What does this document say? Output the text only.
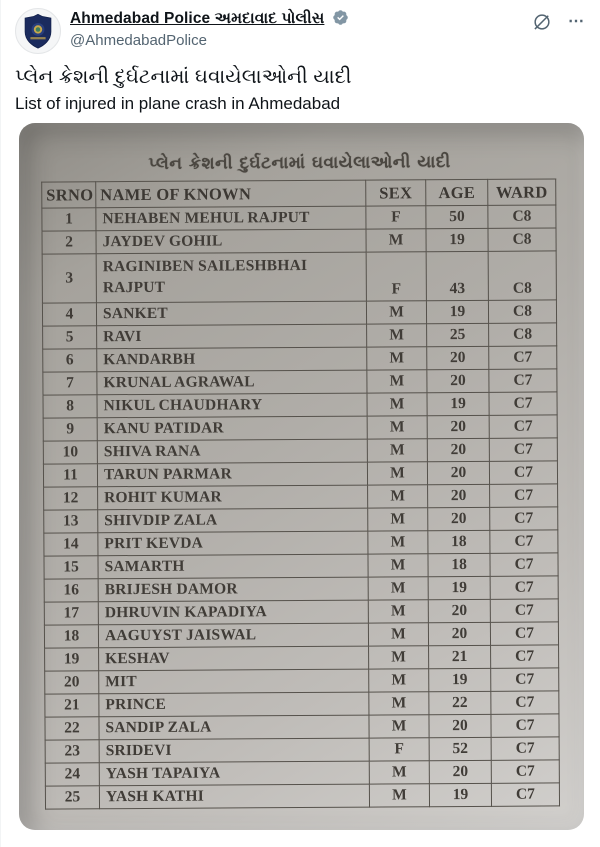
Ahmedabad Police અમદાવાદ પોલીસ
@AhmedabadPolice
⋯
પ્લેન ક્રેશની દુર્ઘટનામાં ઘવાયેલાઓની યાદી
List of injured in plane crash in Ahmedabad
પ્લેન ક્રેશની દુર્ઘટનામાં ઘવાયેલાઓની યાદી
SRNO	NAME OF KNOWN	SEX	AGE	WARD
1	NEHABEN MEHUL RAJPUT	F	50	C8
2	JAYDEV GOHIL	M	19	C8
3	RAGINIBEN SAILESHBHAI
RAJPUT	F	43	C8
4	SANKET	M	19	C8
5	RAVI	M	25	C8
6	KANDARBH	M	20	C7
7	KRUNAL AGRAWAL	M	20	C7
8	NIKUL CHAUDHARY	M	19	C7
9	KANU PATIDAR	M	20	C7
10	SHIVA RANA	M	20	C7
11	TARUN PARMAR	M	20	C7
12	ROHIT KUMAR	M	20	C7
13	SHIVDIP ZALA	M	20	C7
14	PRIT KEVDA	M	18	C7
15	SAMARTH	M	18	C7
16	BRIJESH DAMOR	M	19	C7
17	DHRUVIN KAPADIYA	M	20	C7
18	AAGUYST JAISWAL	M	20	C7
19	KESHAV	M	21	C7
20	MIT	M	19	C7
21	PRINCE	M	22	C7
22	SANDIP ZALA	M	20	C7
23	SRIDEVI	F	52	C7
24	YASH TAPAIYA	M	20	C7
25	YASH KATHI	M	19	C7
